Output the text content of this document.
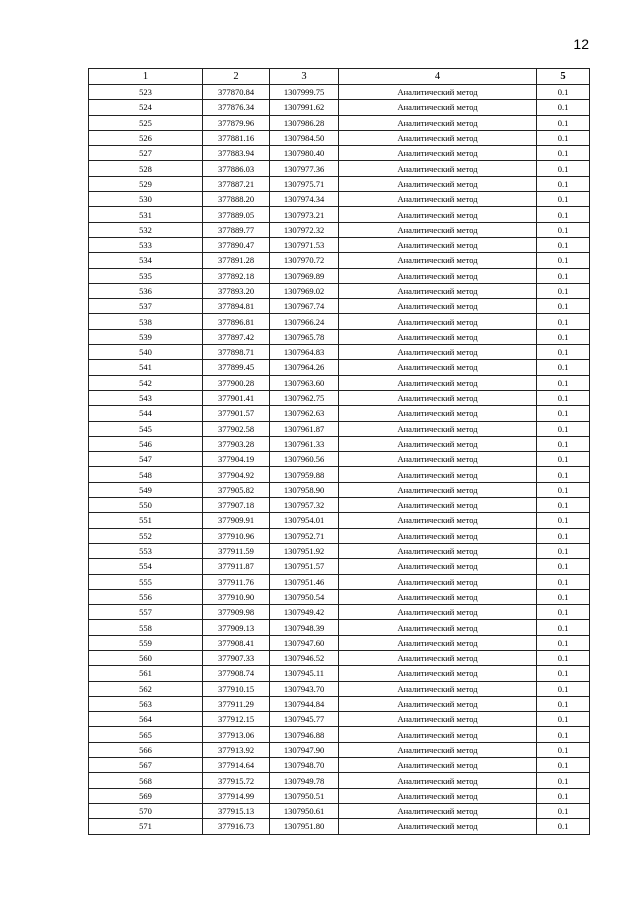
12
1	2	3	4	5
523	377870.84	1307999.75	Аналитический метод	0.1
524	377876.34	1307991.62	Аналитический метод	0.1
525	377879.96	1307986.28	Аналитический метод	0.1
526	377881.16	1307984.50	Аналитический метод	0.1
527	377883.94	1307980.40	Аналитический метод	0.1
528	377886.03	1307977.36	Аналитический метод	0.1
529	377887.21	1307975.71	Аналитический метод	0.1
530	377888.20	1307974.34	Аналитический метод	0.1
531	377889.05	1307973.21	Аналитический метод	0.1
532	377889.77	1307972.32	Аналитический метод	0.1
533	377890.47	1307971.53	Аналитический метод	0.1
534	377891.28	1307970.72	Аналитический метод	0.1
535	377892.18	1307969.89	Аналитический метод	0.1
536	377893.20	1307969.02	Аналитический метод	0.1
537	377894.81	1307967.74	Аналитический метод	0.1
538	377896.81	1307966.24	Аналитический метод	0.1
539	377897.42	1307965.78	Аналитический метод	0.1
540	377898.71	1307964.83	Аналитический метод	0.1
541	377899.45	1307964.26	Аналитический метод	0.1
542	377900.28	1307963.60	Аналитический метод	0.1
543	377901.41	1307962.75	Аналитический метод	0.1
544	377901.57	1307962.63	Аналитический метод	0.1
545	377902.58	1307961.87	Аналитический метод	0.1
546	377903.28	1307961.33	Аналитический метод	0.1
547	377904.19	1307960.56	Аналитический метод	0.1
548	377904.92	1307959.88	Аналитический метод	0.1
549	377905.82	1307958.90	Аналитический метод	0.1
550	377907.18	1307957.32	Аналитический метод	0.1
551	377909.91	1307954.01	Аналитический метод	0.1
552	377910.96	1307952.71	Аналитический метод	0.1
553	377911.59	1307951.92	Аналитический метод	0.1
554	377911.87	1307951.57	Аналитический метод	0.1
555	377911.76	1307951.46	Аналитический метод	0.1
556	377910.90	1307950.54	Аналитический метод	0.1
557	377909.98	1307949.42	Аналитический метод	0.1
558	377909.13	1307948.39	Аналитический метод	0.1
559	377908.41	1307947.60	Аналитический метод	0.1
560	377907.33	1307946.52	Аналитический метод	0.1
561	377908.74	1307945.11	Аналитический метод	0.1
562	377910.15	1307943.70	Аналитический метод	0.1
563	377911.29	1307944.84	Аналитический метод	0.1
564	377912.15	1307945.77	Аналитический метод	0.1
565	377913.06	1307946.88	Аналитический метод	0.1
566	377913.92	1307947.90	Аналитический метод	0.1
567	377914.64	1307948.70	Аналитический метод	0.1
568	377915.72	1307949.78	Аналитический метод	0.1
569	377914.99	1307950.51	Аналитический метод	0.1
570	377915.13	1307950.61	Аналитический метод	0.1
571	377916.73	1307951.80	Аналитический метод	0.1
